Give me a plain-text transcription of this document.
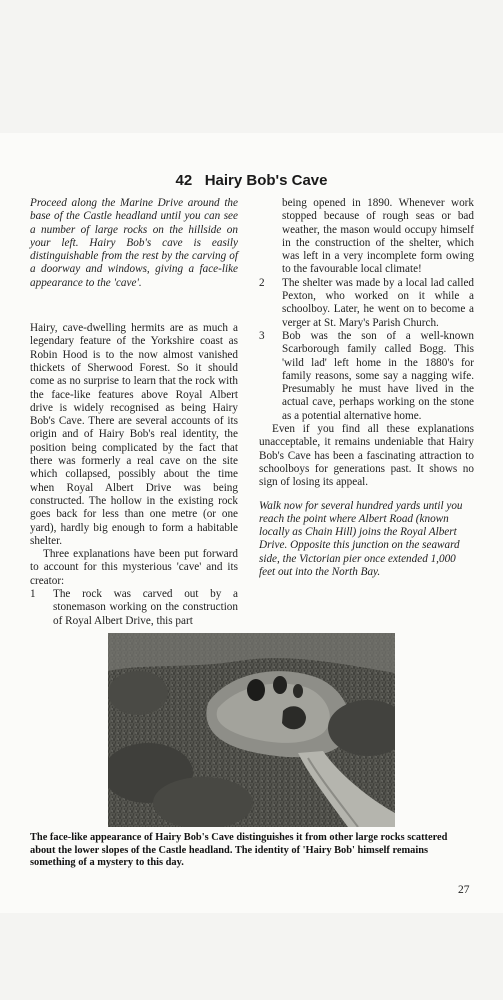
42 Hairy Bob's Cave

Proceed along the Marine Drive around the base of the Castle headland until you can see a number of large rocks on the hillside on your left. Hairy Bob's cave is easily distinguishable from the rest by the carving of a doorway and windows, giving a face-like appearance to the 'cave'.

Hairy, cave-dwelling hermits are as much a legendary feature of the Yorkshire coast as Robin Hood is to the now almost vanished thickets of Sherwood Forest. So it should come as no surprise to learn that the rock with the face-like features above Royal Albert drive is widely recognised as being Hairy Bob's Cave. There are several accounts of its origin and of Hairy Bob's real identity, the position being complicated by the fact that there was formerly a real cave on the site which collapsed, possibly about the time when Royal Albert Drive was being constructed. The hollow in the existing rock goes back for less than one metre (or one yard), hardly big enough to form a habitable shelter.

Three explanations have been put forward to account for this mysterious 'cave' and its creator:

1	The rock was carved out by a stonemason working on the construction of Royal Albert Drive, this part

being opened in 1890. Whenever work stopped because of rough seas or bad weather, the mason would occupy himself in the construction of the shelter, which was left in a very incomplete form owing to the favourable local climate!

2	The shelter was made by a local lad called Pexton, who worked on it while a schoolboy. Later, he went on to become a verger at St. Mary's Parish Church.
3	Bob was the son of a well-known Scarborough family called Bogg. This 'wild lad' left home in the 1880's for family reasons, some say a nagging wife. Presumably he must have lived in the actual cave, perhaps working on the stone as a potential alternative home.

Even if you find all these explanations unacceptable, it remains undeniable that Hairy Bob's Cave has been a fascinating attraction to schoolboys for generations past. It shows no sign of losing its appeal.

Walk now for several hundred yards until you reach the point where Albert Road (known locally as Chain Hill) joins the Royal Albert Drive. Opposite this junction on the seaward side, the Victorian pier once extended 1,000 feet out into the North Bay.

The face-like appearance of Hairy Bob's Cave distinguishes it from other large rocks scattered about the lower slopes of the Castle headland. The identity of 'Hairy Bob' himself remains something of a mystery to this day.
27
